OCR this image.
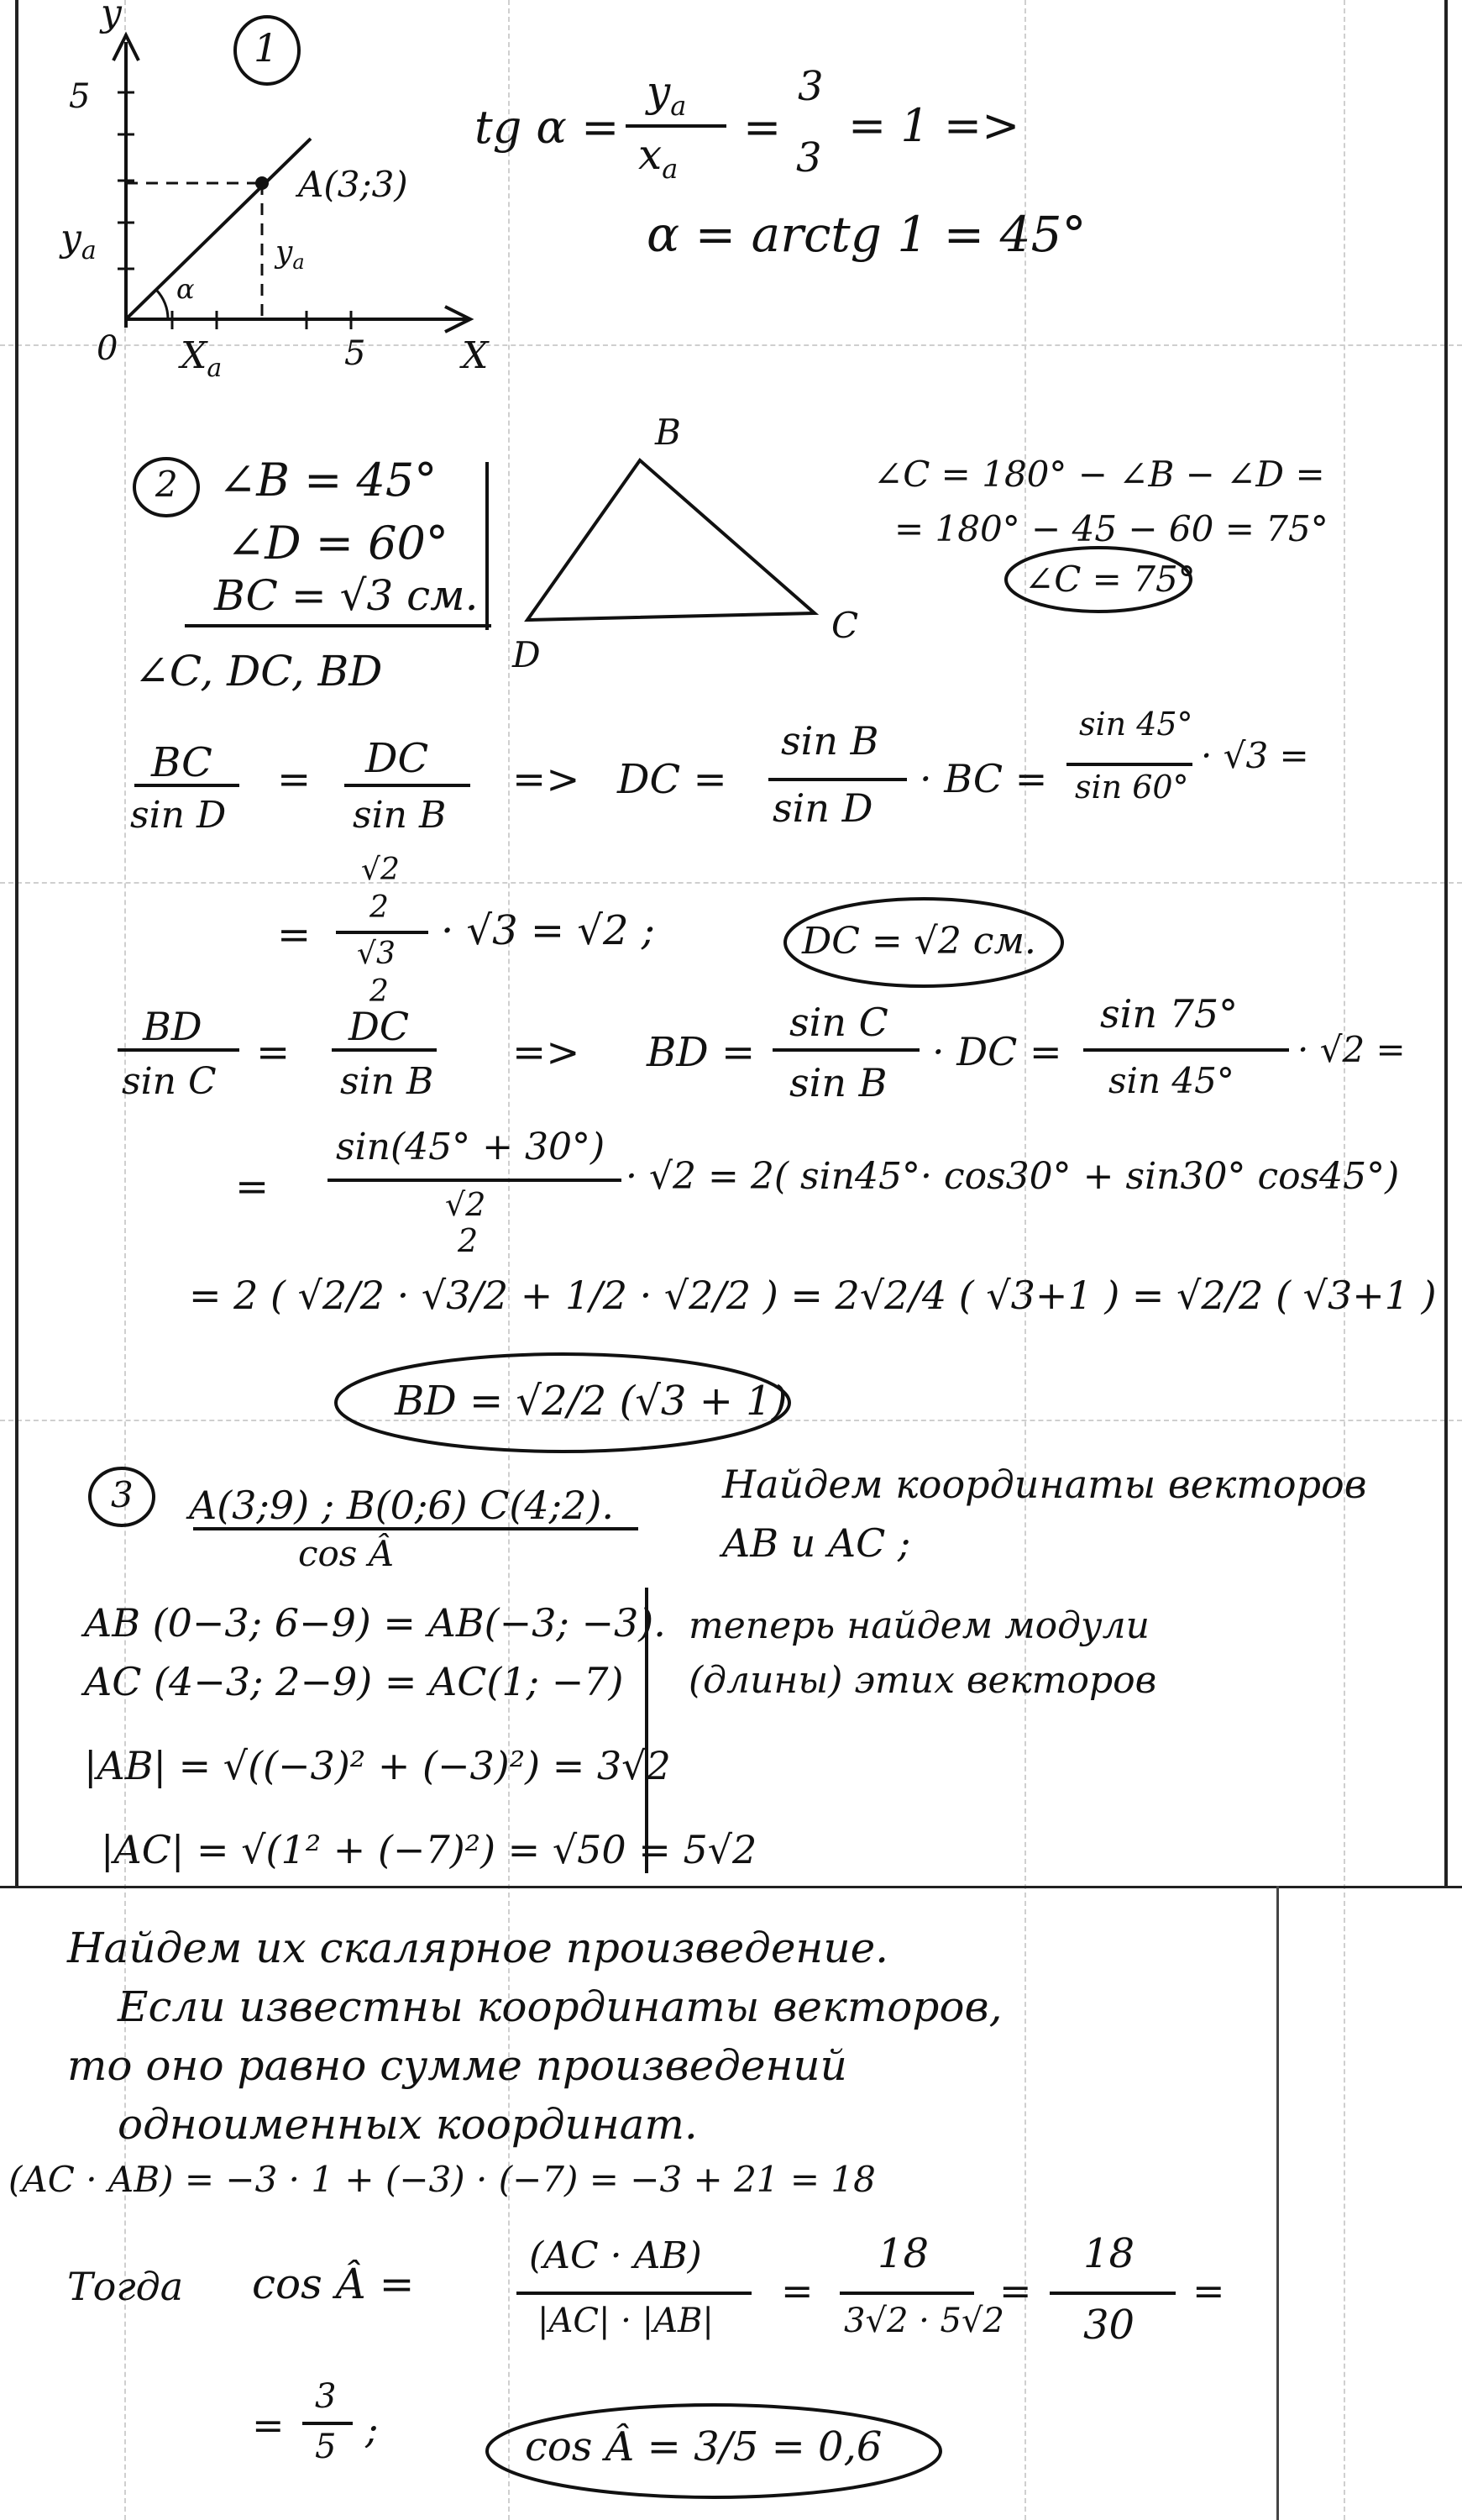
1
y
5
$y_a$
0 $X_a$	5	X
α
A(3;3)
$y_a$
tg α =
$y_a$
$x_a$
=
3
3
= 1 =>
α = arctg 1 = 45°
2 ∠B = 45°
∠D = 60°
BC = √3 см.
∠C, DC, BD
B
C
D
∠C = 180° − ∠B − ∠D =
= 180° − 45 − 60 = 75°
∠C = 75°
BC
sin D
= DC
sin B
=> DC =
sin B
sin D
· BC =
sin 45°
sin 60°
· √3 =
=
√2
2
√3
2
· √3 = √2 ;	DC = √2 см.
BD
sin C
=
DC
sin B
=> BD =
sin C
sin B
· DC =
sin 75°
sin 45°
· √2 =
=
sin(45° + 30°)
√2
2
· √2 = 2( sin45°· cos30° + sin30° cos45°)
= 2 ( √2/2 · √3/2 + 1/2 · √2/2 ) = 2√2/4 ( √3+1 ) = √2/2 ( √3+1 )
BD = √2/2 (√3 + 1)
3 A(3;9) ; B(0;6) C(4;2).
cos Â
Найдем координаты векторов
AB и AC ;
AB (0−3; 6−9) = AB(−3; −3).
AC (4−3; 2−9) = AC(1; −7)
теперь найдем модули
(длины) этих векторов
|AB| = √((−3)² + (−3)²) = 3√2
|AC| = √(1² + (−7)²) = √50 = 5√2
Найдем их скалярное произведение.
Если известны координаты векторов,
то оно равно сумме произведений
одноименных координат.
(AC · AB) = −3 · 1 + (−3) · (−7) = −3 + 21 = 18
Тогда cos Â =
(AC · AB)
|AC| · |AB|
=
18
3√2 · 5√2
=
18
30
=
=
3
5 ;	cos Â = 3/5 = 0,6
